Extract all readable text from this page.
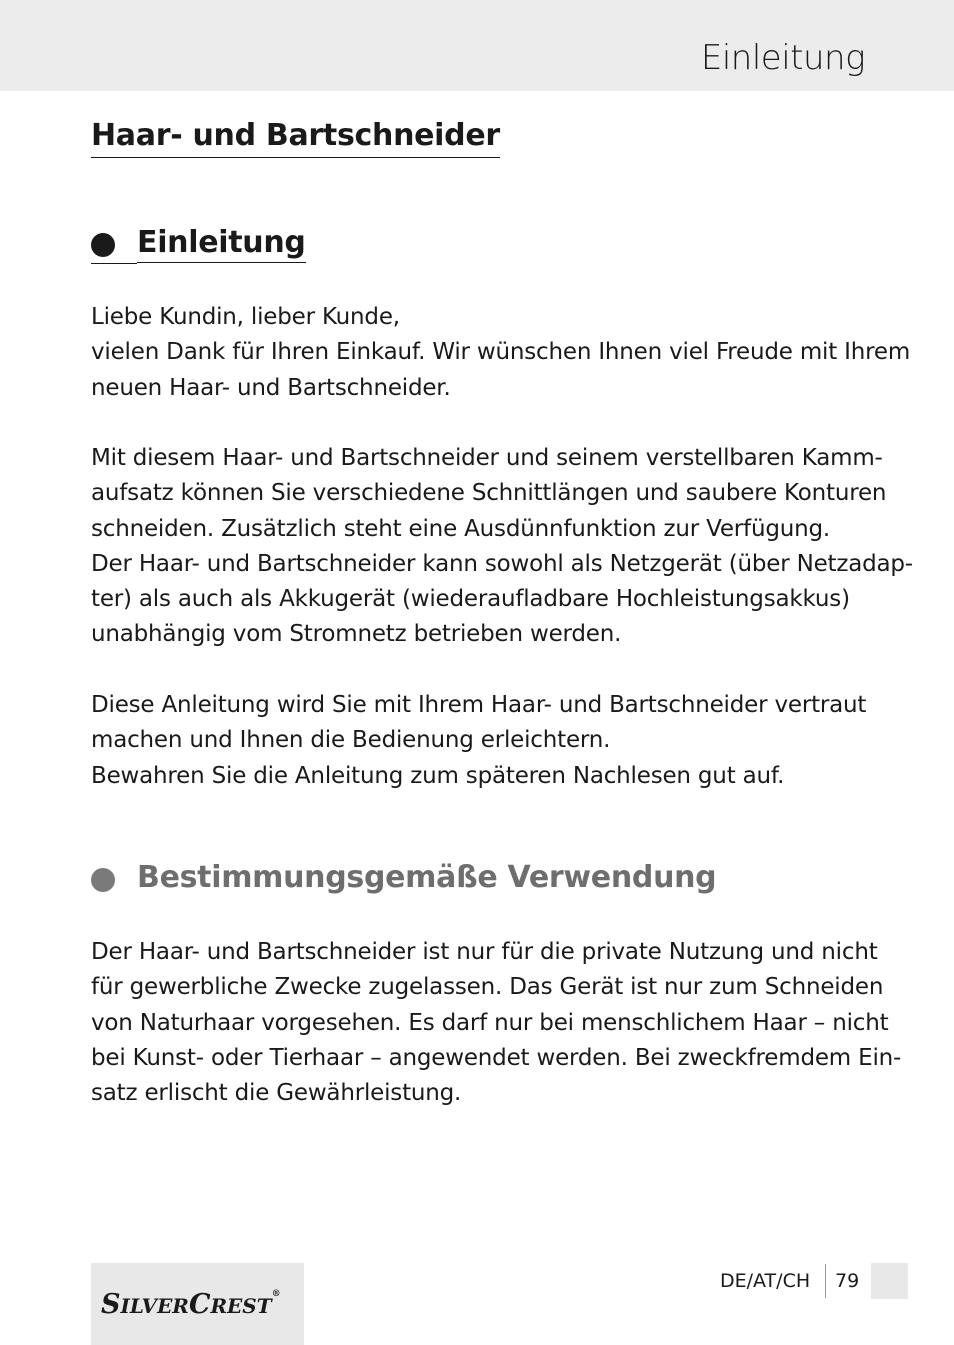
Einleitung
Haar- und Bartschneider
Einleitung
Liebe Kundin, lieber Kunde,
vielen Dank für Ihren Einkauf. Wir wünschen Ihnen viel Freude mit Ihrem
neuen Haar- und Bartschneider.
Mit diesem Haar- und Bartschneider und seinem verstellbaren Kamm-
aufsatz können Sie verschiedene Schnittlängen und saubere Konturen
schneiden. Zusätzlich steht eine Ausdünnfunktion zur Verfügung.
Der Haar- und Bartschneider kann sowohl als Netzgerät (über Netzadap-
ter) als auch als Akkugerät (wiederaufladbare Hochleistungsakkus)
unabhängig vom Stromnetz betrieben werden.
Diese Anleitung wird Sie mit Ihrem Haar- und Bartschneider vertraut
machen und Ihnen die Bedienung erleichtern.
Bewahren Sie die Anleitung zum späteren Nachlesen gut auf.
Bestimmungsgemäße Verwendung
Der Haar- und Bartschneider ist nur für die private Nutzung und nicht
für gewerbliche Zwecke zugelassen. Das Gerät ist nur zum Schneiden
von Naturhaar vorgesehen. Es darf nur bei menschlichem Haar – nicht
bei Kunst- oder Tierhaar – angewendet werden. Bei zweckfremdem Ein-
satz erlischt die Gewährleistung.
SILVERCREST®
DE/AT/CH 79
